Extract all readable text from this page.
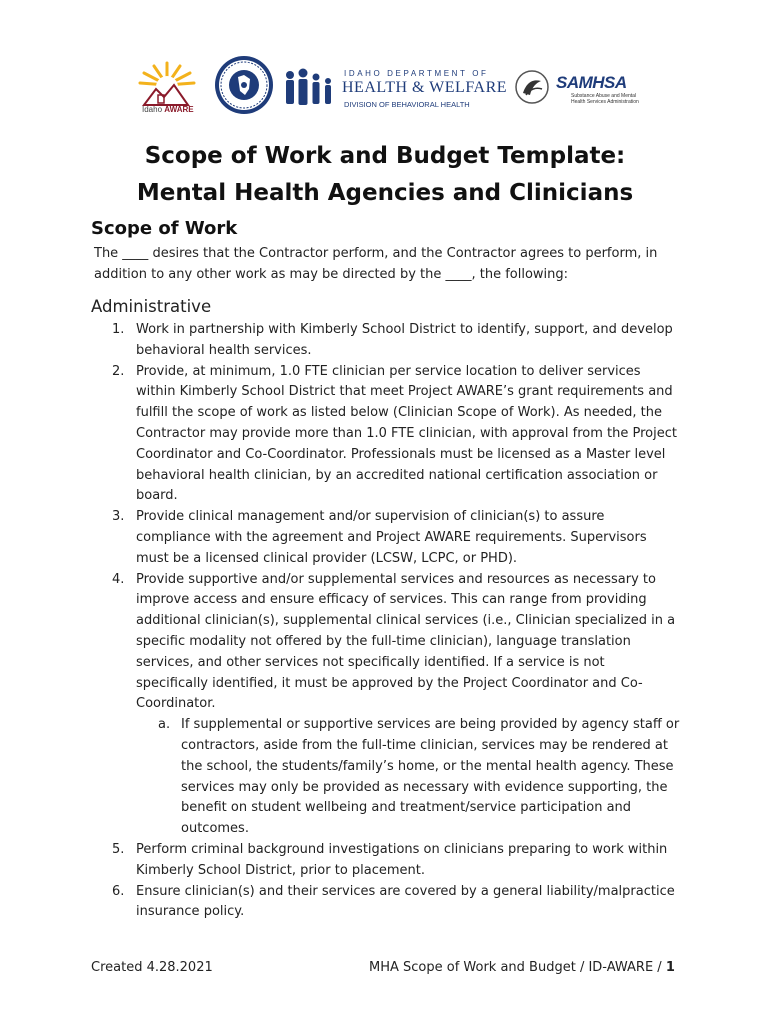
Idaho AWARE
IDAHO DEPARTMENT OF
HEALTH & WELFARE
DIVISION OF BEHAVIORAL HEALTH
SAMHSA
Substance Abuse and Mental Health Services Administration
Scope of Work and Budget Template:
Mental Health Agencies and Clinicians
Scope of Work
The ____ desires that the Contractor perform, and the Contractor agrees to perform, in addition to any other work as may be directed by the ____, the following:
Administrative
1. Work in partnership with Kimberly School District to identify, support, and develop behavioral health services.
2. Provide, at minimum, 1.0 FTE clinician per service location to deliver services within Kimberly School District that meet Project AWARE’s grant requirements and fulfill the scope of work as listed below (Clinician Scope of Work). As needed, the Contractor may provide more than 1.0 FTE clinician, with approval from the Project Coordinator and Co-Coordinator. Professionals must be licensed as a Master level behavioral health clinician, by an accredited national certification association or board.
3. Provide clinical management and/or supervision of clinician(s) to assure compliance with the agreement and Project AWARE requirements. Supervisors must be a licensed clinical provider (LCSW, LCPC, or PHD).
4. Provide supportive and/or supplemental services and resources as necessary to improve access and ensure efficacy of services. This can range from providing additional clinician(s), supplemental clinical services (i.e., Clinician specialized in a specific modality not offered by the full-time clinician), language translation services, and other services not specifically identified. If a service is not specifically identified, it must be approved by the Project Coordinator and Co-Coordinator.
a. If supplemental or supportive services are being provided by agency staff or contractors, aside from the full-time clinician, services may be rendered at the school, the students/family’s home, or the mental health agency. These services may only be provided as necessary with evidence supporting, the benefit on student wellbeing and treatment/service participation and outcomes.
5. Perform criminal background investigations on clinicians preparing to work within Kimberly School District, prior to placement.
6. Ensure clinician(s) and their services are covered by a general liability/malpractice insurance policy.
Created 4.28.2021	MHA Scope of Work and Budget / ID-AWARE / 1
